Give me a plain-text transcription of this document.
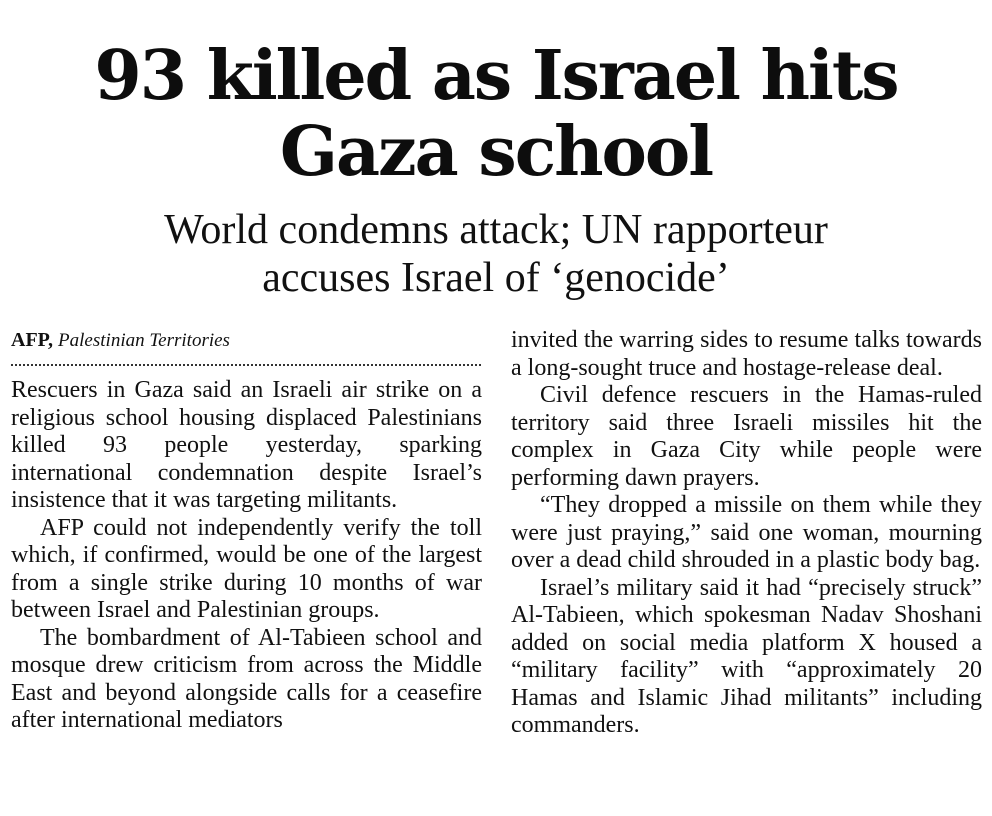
93 killed as Israel hits
Gaza school
World condemns attack; UN rapporteur
accuses Israel of ‘genocide’
AFP, Palestinian Territories

Rescuers in Gaza said an Israeli air strike on a religious school housing displaced Palestinians killed 93 people yesterday, sparking international condemnation despite Israel’s insistence that it was targeting militants.

AFP could not independently verify the toll which, if confirmed, would be one of the largest from a single strike during 10 months of war between Israel and Palestinian groups.

The bombardment of Al-Tabieen school and mosque drew criticism from across the Middle East and beyond alongside calls for a ceasefire after international mediators

invited the warring sides to resume talks towards a long-sought truce and hostage-release deal.

Civil defence rescuers in the Hamas-ruled territory said three Israeli missiles hit the complex in Gaza City while people were performing dawn prayers.

“They dropped a missile on them while they were just praying,” said one woman, mourning over a dead child shrouded in a plastic body bag.

Israel’s military said it had “precisely struck” Al-Tabieen, which spokesman Nadav Shoshani added on social media platform X housed a “military facility” with “approximately 20 Hamas and Islamic Jihad militants” including commanders.
